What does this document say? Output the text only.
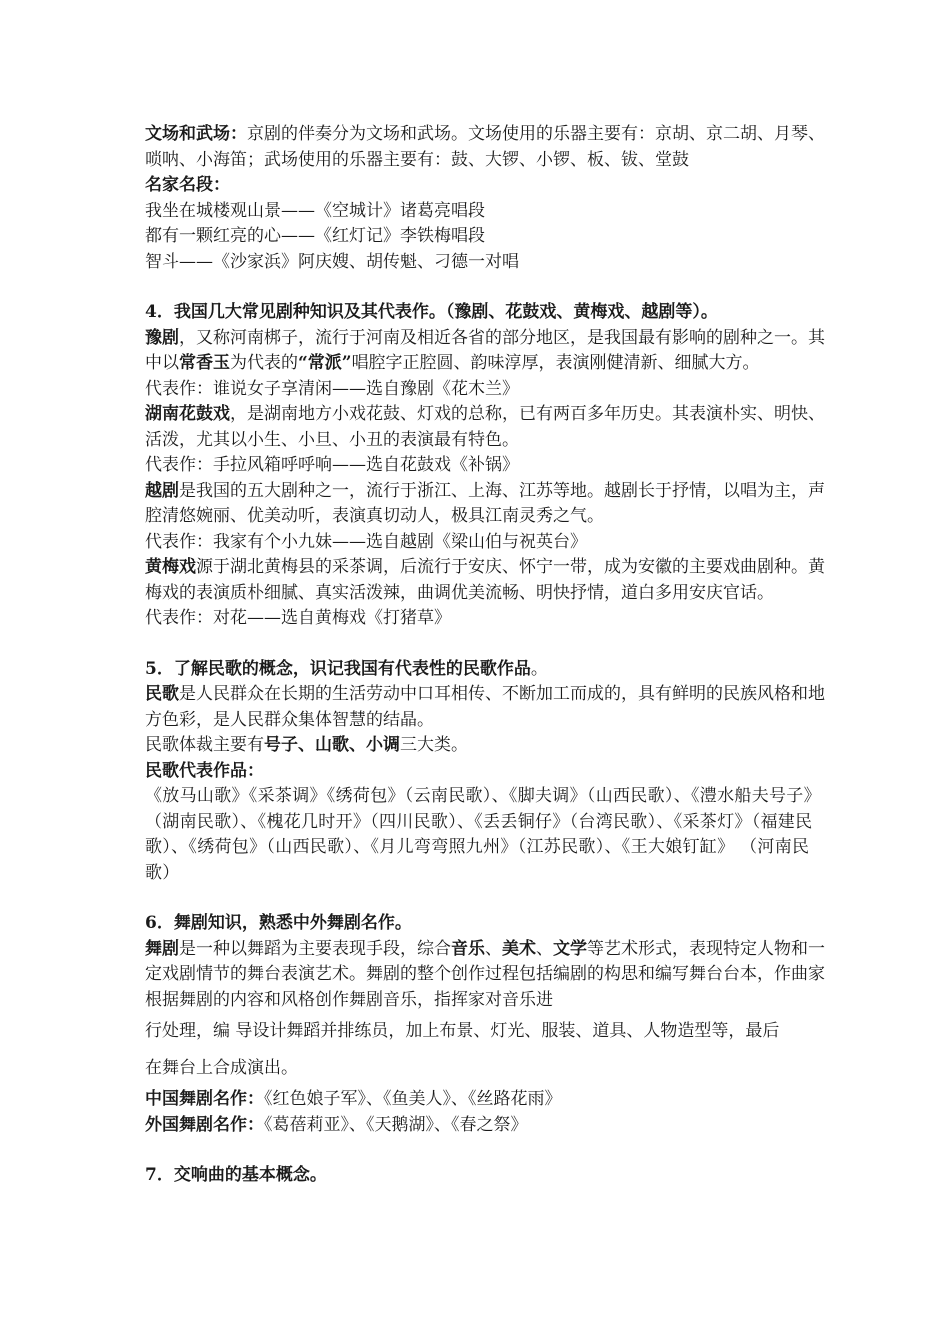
文场和武场：京剧的伴奏分为文场和武场。文场使用的乐器主要有：京胡、京二胡、月琴、唢呐、小海笛；武场使用的乐器主要有：鼓、大锣、小锣、板、钹、堂鼓

名家名段：

我坐在城楼观山景——《空城计》诸葛亮唱段

都有一颗红亮的心——《红灯记》李铁梅唱段

智斗——《沙家浜》阿庆嫂、胡传魁、刁德一对唱

4．我国几大常见剧种知识及其代表作。（豫剧、花鼓戏、黄梅戏、越剧等）。

豫剧，又称河南梆子，流行于河南及相近各省的部分地区，是我国最有影响的剧种之一。其中以常香玉为代表的“常派”唱腔字正腔圆、韵味淳厚，表演刚健清新、细腻大方。

代表作：谁说女子享清闲——选自豫剧《花木兰》

湖南花鼓戏，是湖南地方小戏花鼓、灯戏的总称，已有两百多年历史。其表演朴实、明快、活泼，尤其以小生、小旦、小丑的表演最有特色。

代表作：手拉风箱呼呼响——选自花鼓戏《补锅》

越剧是我国的五大剧种之一，流行于浙江、上海、江苏等地。越剧长于抒情，以唱为主，声腔清悠婉丽、优美动听，表演真切动人，极具江南灵秀之气。

代表作：我家有个小九妹——选自越剧《梁山伯与祝英台》

黄梅戏源于湖北黄梅县的采茶调，后流行于安庆、怀宁一带，成为安徽的主要戏曲剧种。黄梅戏的表演质朴细腻、真实活泼辣，曲调优美流畅、明快抒情，道白多用安庆官话。

代表作：对花——选自黄梅戏《打猪草》

5．了解民歌的概念，识记我国有代表性的民歌作品。

民歌是人民群众在长期的生活劳动中口耳相传、不断加工而成的，具有鲜明的民族风格和地方色彩，是人民群众集体智慧的结晶。

民歌体裁主要有号子、山歌、小调三大类。

民歌代表作品：

《放马山歌》《采茶调》《绣荷包》（云南民歌）、《脚夫调》（山西民歌）、《澧水船夫号子》（湖南民歌）、《槐花几时开》（四川民歌）、《丢丢铜仔》（台湾民歌）、《采茶灯》（福建民歌）、《绣荷包》（山西民歌）、《月儿弯弯照九州》（江苏民歌）、《王大娘钉缸》 （河南民歌）

6．舞剧知识，熟悉中外舞剧名作。

舞剧是一种以舞蹈为主要表现手段，综合音乐、美术、文学等艺术形式，表现特定人物和一定戏剧情节的舞台表演艺术。舞剧的整个创作过程包括编剧的构思和编写舞台台本，作曲家根据舞剧的内容和风格创作舞剧音乐，指挥家对音乐进

行处理，编 导设计舞蹈并排练员，加上布景、灯光、服装、道具、人物造型等，最后

在舞台上合成演出。

中国舞剧名作：《红色娘子军》、《鱼美人》、《丝路花雨》

外国舞剧名作：《葛蓓莉亚》、《天鹅湖》、《春之祭》

7．交响曲的基本概念。
